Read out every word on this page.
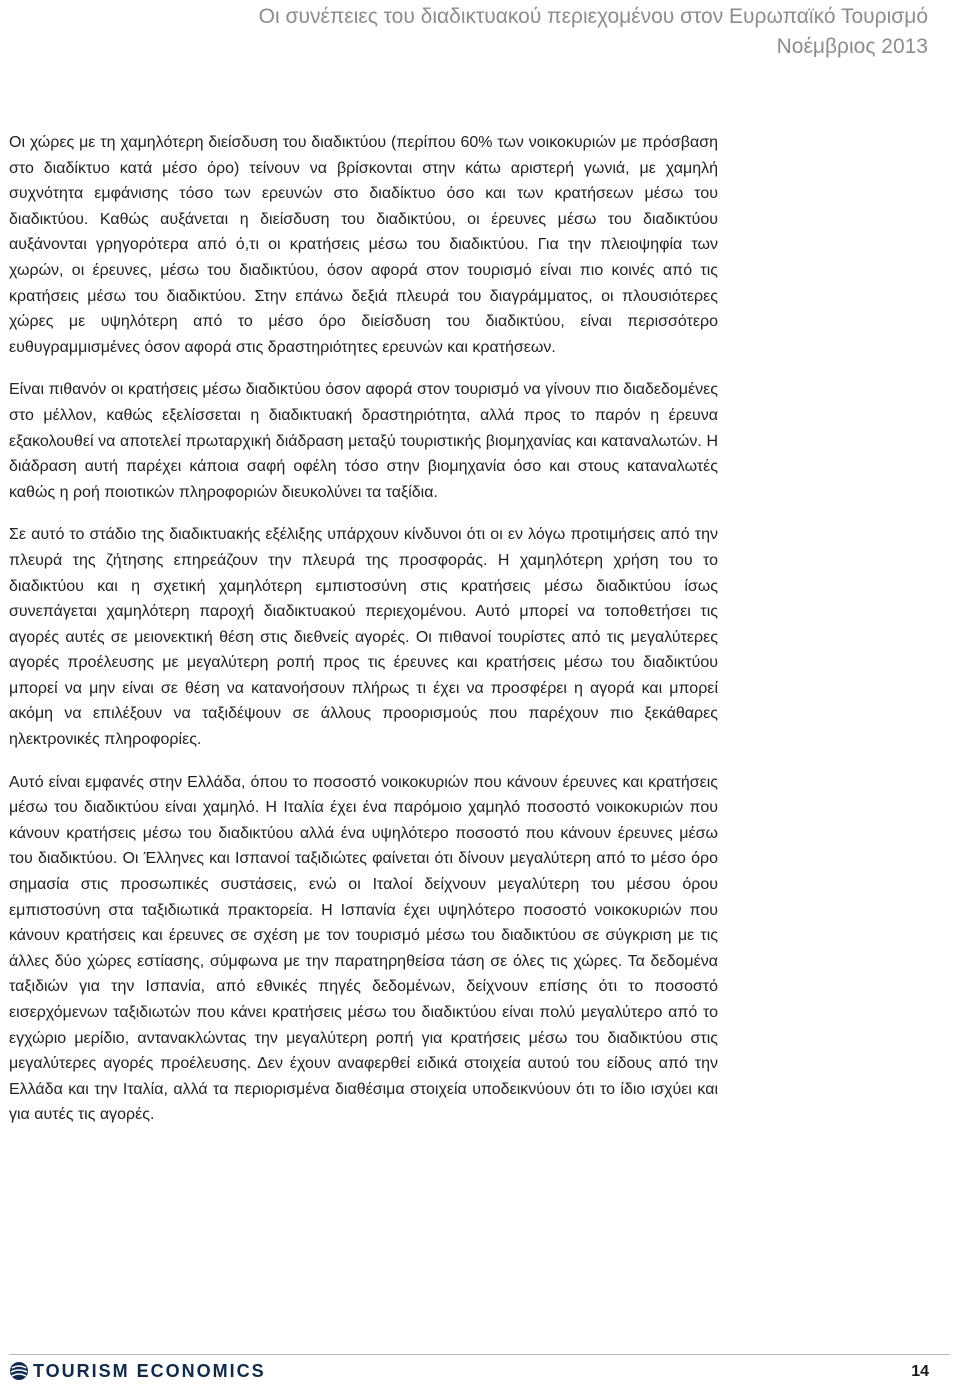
Οι συνέπειες του διαδικτυακού περιεχομένου στον Ευρωπαϊκό Τουρισμό
Νοέμβριος 2013

Οι χώρες με τη χαμηλότερη διείσδυση του διαδικτύου (περίπου 60% των νοικοκυριών με πρόσβαση στο διαδίκτυο κατά μέσο όρο) τείνουν να βρίσκονται στην κάτω αριστερή γωνιά, με χαμηλή συχνότητα εμφάνισης τόσο των ερευνών στο διαδίκτυο όσο και των κρατήσεων μέσω του διαδικτύου. Καθώς αυξάνεται η διείσδυση του διαδικτύου, οι έρευνες μέσω του διαδικτύου αυξάνονται γρηγορότερα από ό,τι οι κρατήσεις μέσω του διαδικτύου. Για την πλειοψηφία των χωρών, οι έρευνες, μέσω του διαδικτύου, όσον αφορά στον τουρισμό είναι πιο κοινές από τις κρατήσεις μέσω του διαδικτύου. Στην επάνω δεξιά πλευρά του διαγράμματος, οι πλουσιότερες χώρες με υψηλότερη από το μέσο όρο διείσδυση του διαδικτύου, είναι περισσότερο ευθυγραμμισμένες όσον αφορά στις δραστηριότητες ερευνών και κρατήσεων.

Είναι πιθανόν οι κρατήσεις μέσω διαδικτύου όσον αφορά στον τουρισμό να γίνουν πιο διαδεδομένες στο μέλλον, καθώς εξελίσσεται η διαδικτυακή δραστηριότητα, αλλά προς το παρόν η έρευνα εξακολουθεί να αποτελεί πρωταρχική διάδραση μεταξύ τουριστικής βιομηχανίας και καταναλωτών. Η διάδραση αυτή παρέχει κάποια σαφή οφέλη τόσο στην βιομηχανία όσο και στους καταναλωτές καθώς η ροή ποιοτικών πληροφοριών διευκολύνει τα ταξίδια.

Σε αυτό το στάδιο της διαδικτυακής εξέλιξης υπάρχουν κίνδυνοι ότι οι εν λόγω προτιμήσεις από την πλευρά της ζήτησης επηρεάζουν την πλευρά της προσφοράς. Η χαμηλότερη χρήση του το διαδικτύου και η σχετική χαμηλότερη εμπιστοσύνη στις κρατήσεις μέσω διαδικτύου ίσως συνεπάγεται χαμηλότερη παροχή διαδικτυακού περιεχομένου. Αυτό μπορεί να τοποθετήσει τις αγορές αυτές σε μειονεκτική θέση στις διεθνείς αγορές. Οι πιθανοί τουρίστες από τις μεγαλύτερες αγορές προέλευσης με μεγαλύτερη ροπή προς τις έρευνες και κρατήσεις μέσω του διαδικτύου μπορεί να μην είναι σε θέση να κατανοήσουν πλήρως τι έχει να προσφέρει η αγορά και μπορεί ακόμη να επιλέξουν να ταξιδέψουν σε άλλους προορισμούς που παρέχουν πιο ξεκάθαρες ηλεκτρονικές πληροφορίες.

Αυτό είναι εμφανές στην Ελλάδα, όπου το ποσοστό νοικοκυριών που κάνουν έρευνες και κρατήσεις μέσω του διαδικτύου είναι χαμηλό. Η Ιταλία έχει ένα παρόμοιο χαμηλό ποσοστό νοικοκυριών που κάνουν κρατήσεις μέσω του διαδικτύου αλλά ένα υψηλότερο ποσοστό που κάνουν έρευνες μέσω του διαδικτύου. Οι Έλληνες και Ισπανοί ταξιδιώτες φαίνεται ότι δίνουν μεγαλύτερη από το μέσο όρο σημασία στις προσωπικές συστάσεις, ενώ οι Ιταλοί δείχνουν μεγαλύτερη του μέσου όρου εμπιστοσύνη στα ταξιδιωτικά πρακτορεία. Η Ισπανία έχει υψηλότερο ποσοστό νοικοκυριών που κάνουν κρατήσεις και έρευνες σε σχέση με τον τουρισμό μέσω του διαδικτύου σε σύγκριση με τις άλλες δύο χώρες εστίασης, σύμφωνα με την παρατηρηθείσα τάση σε όλες τις χώρες. Τα δεδομένα ταξιδιών για την Ισπανία, από εθνικές πηγές δεδομένων, δείχνουν επίσης ότι το ποσοστό εισερχόμενων ταξιδιωτών που κάνει κρατήσεις μέσω του διαδικτύου είναι πολύ μεγαλύτερο από το εγχώριο μερίδιο, αντανακλώντας την μεγαλύτερη ροπή για κρατήσεις μέσω του διαδικτύου στις μεγαλύτερες αγορές προέλευσης. Δεν έχουν αναφερθεί ειδικά στοιχεία αυτού του είδους από την Ελλάδα και την Ιταλία, αλλά τα περιορισμένα διαθέσιμα στοιχεία υποδεικνύουν ότι το ίδιο ισχύει και για αυτές τις αγορές.

TOURISM ECONOMICS	14
